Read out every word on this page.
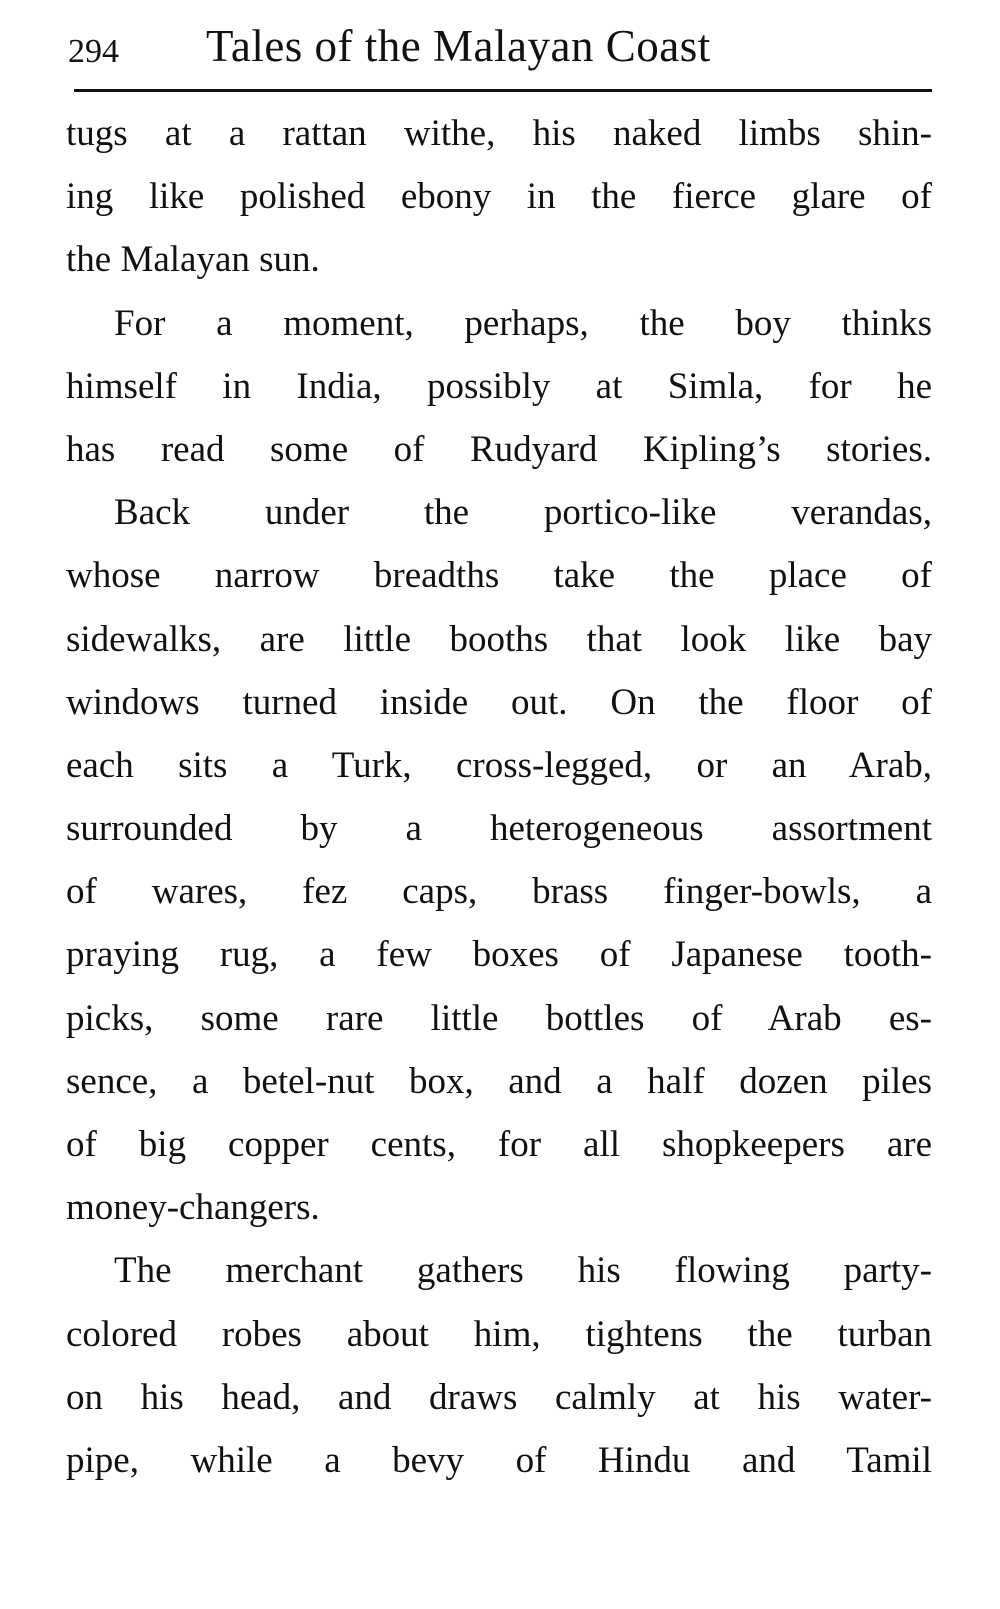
294 Tales of the Malayan Coast
tugs at a rattan withe, his naked limbs shin-
ing like polished ebony in the fierce glare of
the Malayan sun.
For a moment, perhaps, the boy thinks
himself in India, possibly at Simla, for he
has read some of Rudyard Kipling’s stories.
Back under the portico-like verandas,
whose narrow breadths take the place of
sidewalks, are little booths that look like bay
windows turned inside out. On the floor of
each sits a Turk, cross-legged, or an Arab,
surrounded by a heterogeneous assortment
of wares, fez caps, brass finger-bowls, a
praying rug, a few boxes of Japanese tooth-
picks, some rare little bottles of Arab es-
sence, a betel-nut box, and a half dozen piles
of big copper cents, for all shopkeepers are
money-changers.
The merchant gathers his flowing party-
colored robes about him, tightens the turban
on his head, and draws calmly at his water-
pipe, while a bevy of Hindu and Tamil
